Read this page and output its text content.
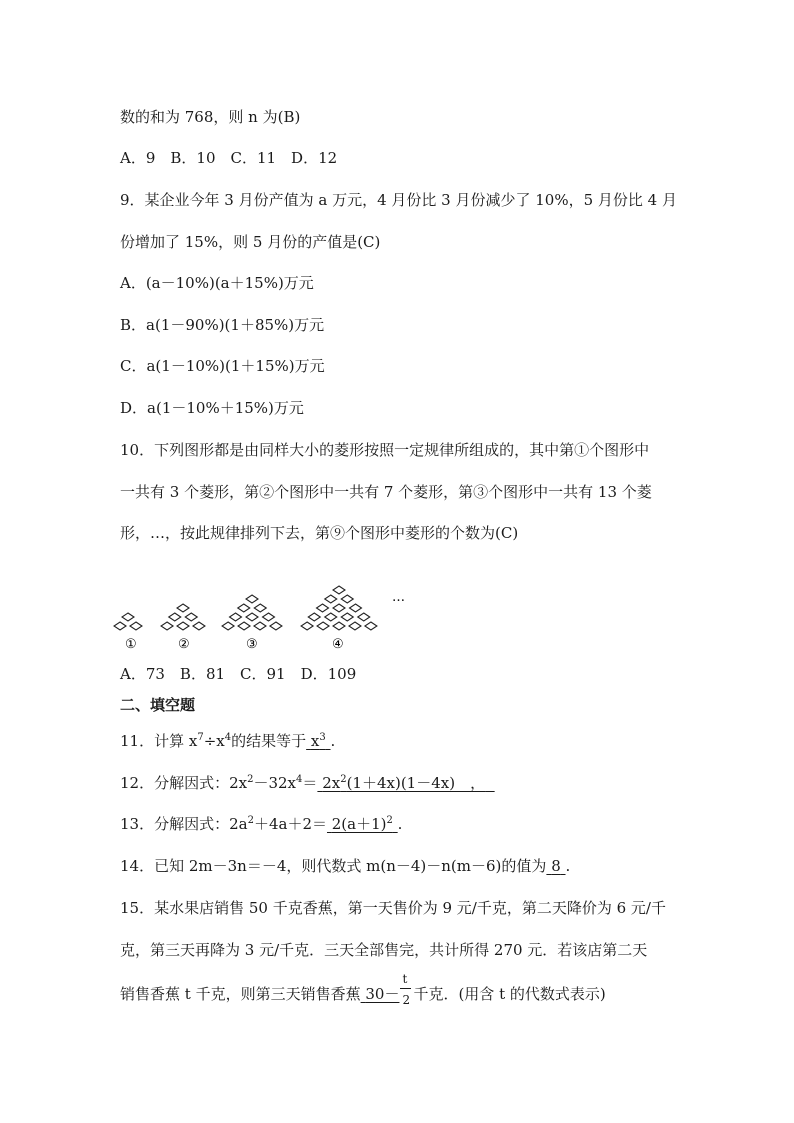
数的和为 768，则 n 为(B)
A．9　B．10　C．11　D．12
9．某企业今年 3 月份产值为 a 万元，4 月份比 3 月份减少了 10%，5 月份比 4 月
份增加了 15%，则 5 月份的产值是(C)
A．(a－10%)(a＋15%)万元
B．a(1－90%)(1＋85%)万元
C．a(1－10%)(1＋15%)万元
D．a(1－10%＋15%)万元
10．下列图形都是由同样大小的菱形按照一定规律所组成的，其中第①个图形中
一共有 3 个菱形，第②个图形中一共有 7 个菱形，第③个图形中一共有 13 个菱
形，…，按此规律排列下去，第⑨个图形中菱形的个数为(C)
①	②	③	④
…
A．73　B．81　C．91　D．109
二、填空题
11．计算 $x^7\div x^4$的结果等于 $x^3$ .
12．分解因式：$2x^2-32x^4= 2x^2(1+4x)(1-4x)$　，
13．分解因式：$2a^2+4a+2= 2(a+1)^2$ .
14．已知 2m－3n＝－4，则代数式 m(n－4)－n(m－6)的值为 8 .
15．某水果店销售 50 千克香蕉，第一天售价为 9 元/千克，第二天降价为 6 元/千
克，第三天再降为 3 元/千克．三天全部售完，共计所得 270 元．若该店第二天
销售香蕉 t 千克，则第三天销售香蕉 $30- \frac{t}{2}$ 千克．(用含 t 的代数式表示)
